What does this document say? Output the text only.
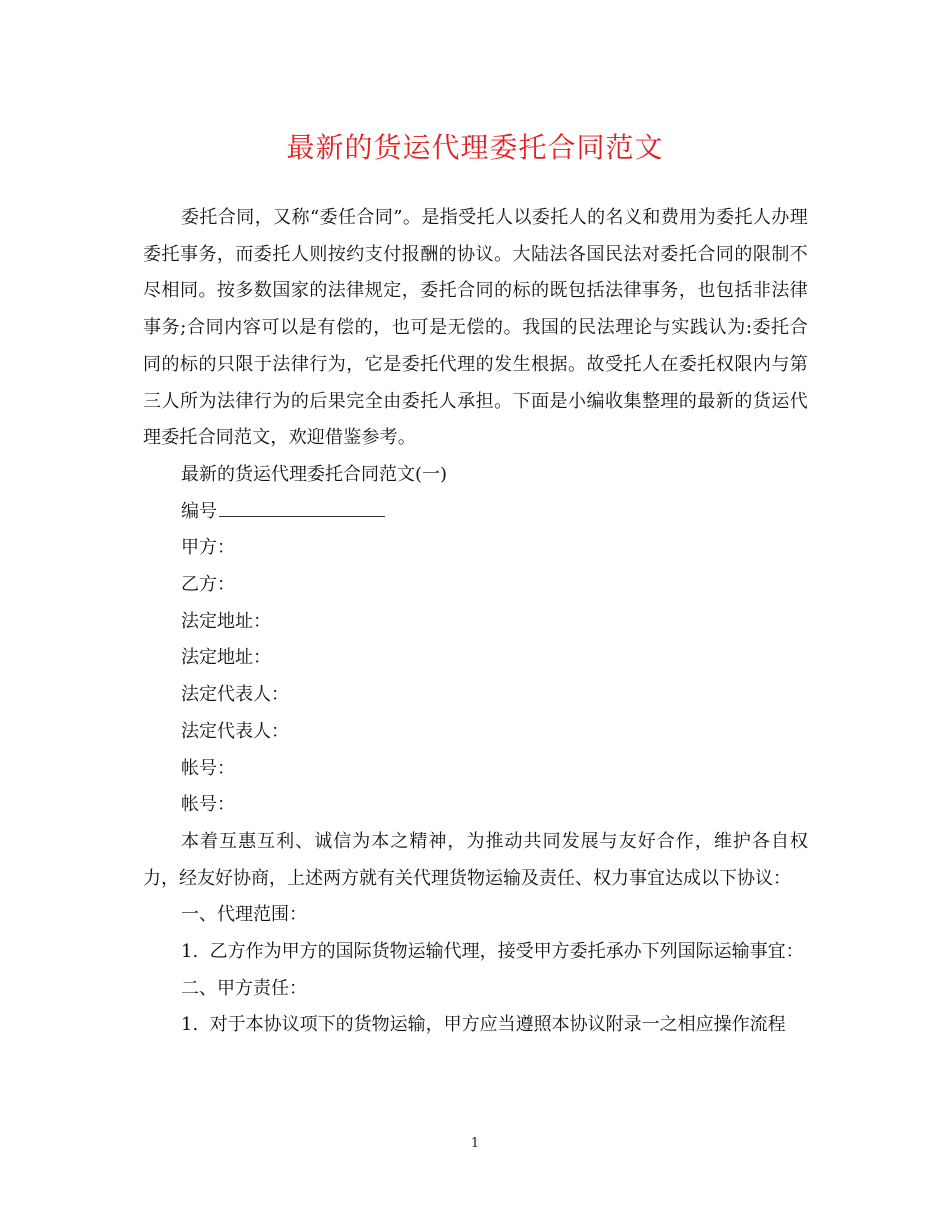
最新的货运代理委托合同范文

委托合同，又称“委任合同”。是指受托人以委托人的名义和费用为委托人办理委托事务，而委托人则按约支付报酬的协议。大陆法各国民法对委托合同的限制不尽相同。按多数国家的法律规定，委托合同的标的既包括法律事务，也包括非法律事务;合同内容可以是有偿的，也可是无偿的。我国的民法理论与实践认为:委托合同的标的只限于法律行为，它是委托代理的发生根据。故受托人在委托权限内与第三人所为法律行为的后果完全由委托人承担。下面是小编收集整理的最新的货运代理委托合同范文，欢迎借鉴参考。

最新的货运代理委托合同范文(一)

编号

甲方：

乙方：

法定地址：

法定地址：

法定代表人：

法定代表人：

帐号：

帐号：

本着互惠互利、诚信为本之精神，为推动共同发展与友好合作，维护各自权力，经友好协商，上述两方就有关代理货物运输及责任、权力事宜达成以下协议：

一、代理范围：

1.  乙方作为甲方的国际货物运输代理，接受甲方委托承办下列国际运输事宜：

二、甲方责任：

1.  对于本协议项下的货物运输，甲方应当遵照本协议附录一之相应操作流程

1
